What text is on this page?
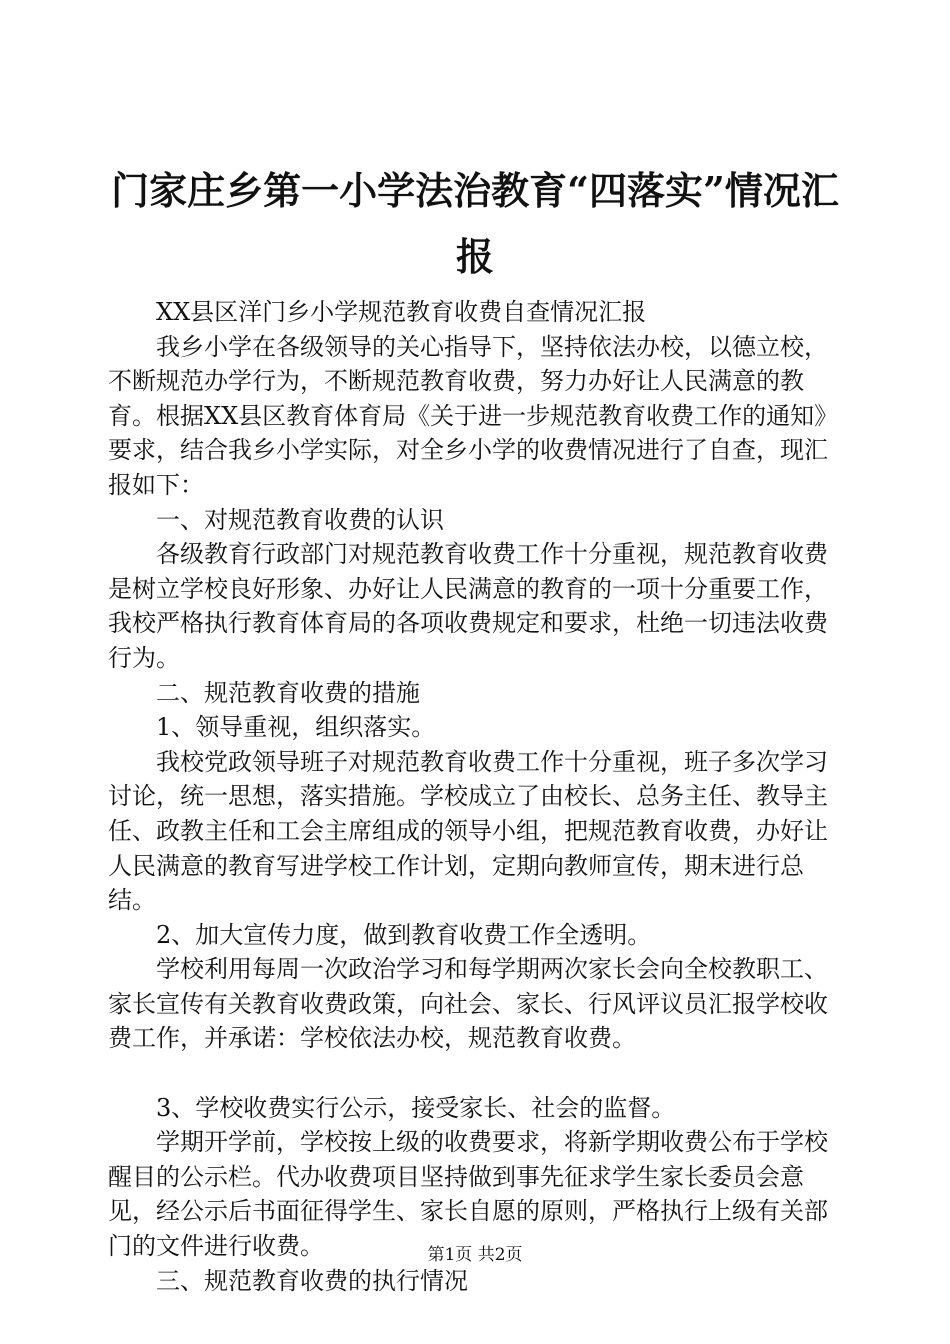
门家庄乡第一小学法治教育“四落实”情况汇报

XX县区洋门乡小学规范教育收费自查情况汇报

我乡小学在各级领导的关心指导下，坚持依法办校，以德立校，不断规范办学行为，不断规范教育收费，努力办好让人民满意的教育。根据XX县区教育体育局《关于进一步规范教育收费工作的通知》要求，结合我乡小学实际，对全乡小学的收费情况进行了自查，现汇报如下：

一、对规范教育收费的认识

各级教育行政部门对规范教育收费工作十分重视，规范教育收费是树立学校良好形象、办好让人民满意的教育的一项十分重要工作，我校严格执行教育体育局的各项收费规定和要求，杜绝一切违法收费行为。

二、规范教育收费的措施

1、领导重视，组织落实。

我校党政领导班子对规范教育收费工作十分重视，班子多次学习讨论，统一思想，落实措施。学校成立了由校长、总务主任、教导主任、政教主任和工会主席组成的领导小组，把规范教育收费，办好让人民满意的教育写进学校工作计划，定期向教师宣传，期末进行总结。

2、加大宣传力度，做到教育收费工作全透明。

学校利用每周一次政治学习和每学期两次家长会向全校教职工、家长宣传有关教育收费政策，向社会、家长、行风评议员汇报学校收费工作，并承诺：学校依法办校，规范教育收费。

3、学校收费实行公示，接受家长、社会的监督。

学期开学前，学校按上级的收费要求，将新学期收费公布于学校醒目的公示栏。代办收费项目坚持做到事先征求学生家长委员会意见，经公示后书面征得学生、家长自愿的原则，严格执行上级有关部门的文件进行收费。

三、规范教育收费的执行情况

第1页 共2页
